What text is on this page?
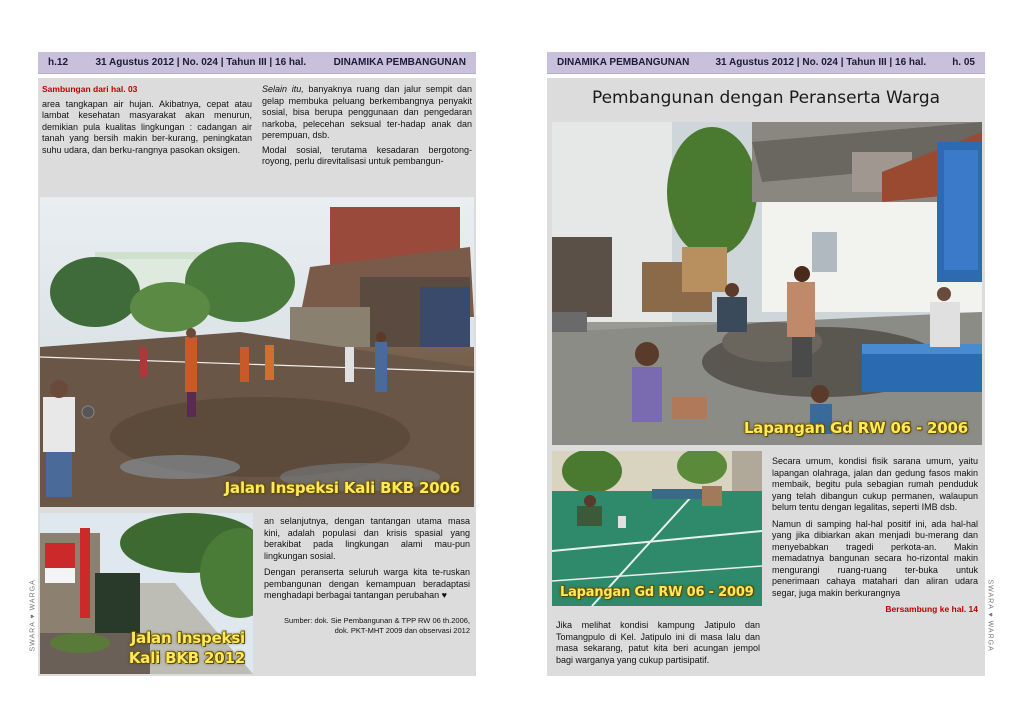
h.12	31 Agustus 2012 | No. 024 | Tahun III | 16 hal.	DINAMIKA PEMBANGUNAN
Sambungan dari hal. 03
area tangkapan air hujan. Akibatnya, cepat atau lambat kesehatan masyarakat akan menurun, demikian pula kualitas lingkungan : cadangan air tanah yang bersih makin ber-kurang, peningkatan suhu udara, dan berku-rangnya pasokan oksigen.
Selain itu, banyaknya ruang dan jalur sempit dan gelap membuka peluang berkembangnya penyakit sosial, bisa berupa penggunaan dan pengedaran narkoba, pelecehan seksual ter-hadap anak dan perempuan, dsb.
Modal sosial, terutama kesadaran bergotong-royong, perlu direvitalisasi untuk pembangun-
Jalan Inspeksi Kali BKB 2006
Jalan Inspeksi
Kali BKB 2012
an selanjutnya, dengan tantangan utama masa kini, adalah populasi dan krisis spasial yang berakibat pada lingkungan alami mau-pun lingkungan sosial.
Dengan peranserta seluruh warga kita te-ruskan pembangunan dengan kemampuan beradaptasi menghadapi berbagai tantangan perubahan ♥
Sumber: dok. Sie Pembangunan & TPP RW 06 th.2006,
dok. PKT-MHT 2009 dan observasi 2012
SWARA ♥ WARGA
DINAMIKA PEMBANGUNAN	31 Agustus 2012 | No. 024 | Tahun III | 16 hal.	h. 05
Pembangunan dengan Peranserta Warga
Lapangan Gd RW 06 - 2006
Lapangan Gd RW 06 - 2009
Secara umum, kondisi fisik sarana umum, yaitu lapangan olahraga, jalan dan gedung fasos makin membaik, begitu pula sebagian rumah penduduk yang telah dibangun cukup permanen, walaupun belum tentu dengan legalitas, seperti IMB dsb.
Namun di samping hal-hal positif ini, ada hal-hal yang jika dibiarkan akan menjadi bu-merang dan menyebabkan tragedi perkota-an. Makin memadatnya bangunan secara ho-rizontal makin mengurangi ruang-ruang ter-buka untuk penerimaan cahaya matahari dan aliran udara segar, juga makin berkurangnya
Bersambung ke hal. 14
Jika melihat kondisi kampung Jatipulo dan Tomangpulo di Kel. Jatipulo ini di masa lalu dan masa sekarang, patut kita beri acungan jempol bagi warganya yang cukup partisipatif.
SWARA ♥ WARGA
